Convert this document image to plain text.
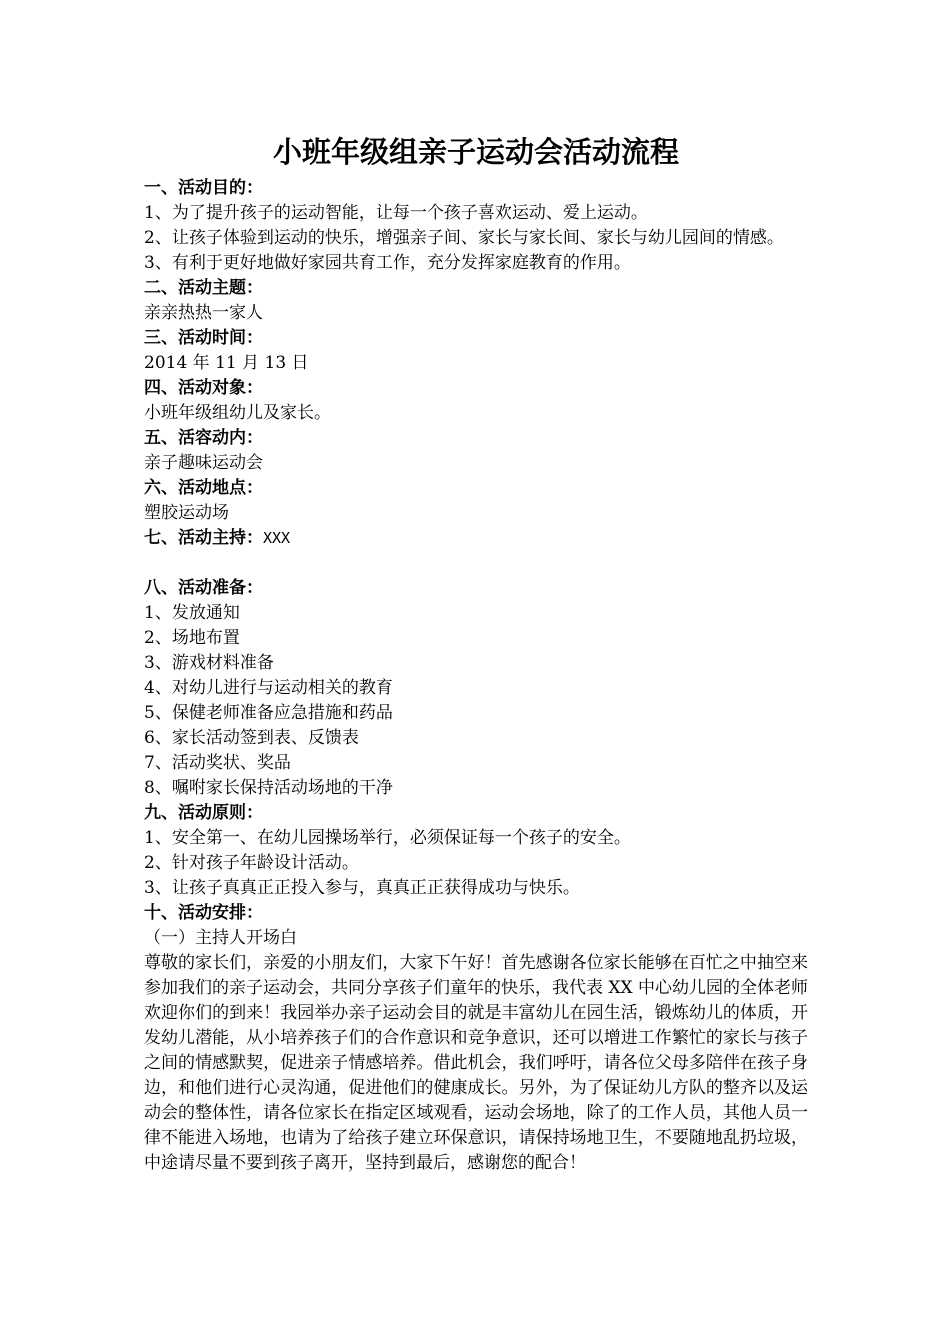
小班年级组亲子运动会活动流程
一、活动目的：
1、为了提升孩子的运动智能，让每一个孩子喜欢运动、爱上运动。
2、让孩子体验到运动的快乐，增强亲子间、家长与家长间、家长与幼儿园间的情感。
3、有利于更好地做好家园共育工作，充分发挥家庭教育的作用。
二、活动主题：
亲亲热热一家人
三、活动时间：
2014 年 11 月 13 日
四、活动对象：
小班年级组幼儿及家长。
五、活容动内：
亲子趣味运动会
六、活动地点：
塑胶运动场
七、活动主持：XXX
八、活动准备：
1、发放通知
2、场地布置
3、游戏材料准备
4、对幼儿进行与运动相关的教育
5、保健老师准备应急措施和药品
6、家长活动签到表、反馈表
7、活动奖状、奖品
8、嘱咐家长保持活动场地的干净
九、活动原则：
1、安全第一、在幼儿园操场举行，必须保证每一个孩子的安全。
2、针对孩子年龄设计活动。
3、让孩子真真正正投入参与，真真正正获得成功与快乐。
十、活动安排：
（一）主持人开场白
尊敬的家长们，亲爱的小朋友们，大家下午好！首先感谢各位家长能够在百忙之中抽空来参加我们的亲子运动会，共同分享孩子们童年的快乐，我代表 XX 中心幼儿园的全体老师欢迎你们的到来！我园举办亲子运动会目的就是丰富幼儿在园生活，锻炼幼儿的体质，开发幼儿潜能，从小培养孩子们的合作意识和竞争意识，还可以增进工作繁忙的家长与孩子之间的情感默契，促进亲子情感培养。借此机会，我们呼吁，请各位父母多陪伴在孩子身边，和他们进行心灵沟通，促进他们的健康成长。另外，为了保证幼儿方队的整齐以及运动会的整体性，请各位家长在指定区域观看，运动会场地，除了的工作人员，其他人员一律不能进入场地，也请为了给孩子建立环保意识，请保持场地卫生，不要随地乱扔垃圾，中途请尽量不要到孩子离开，坚持到最后，感谢您的配合！
